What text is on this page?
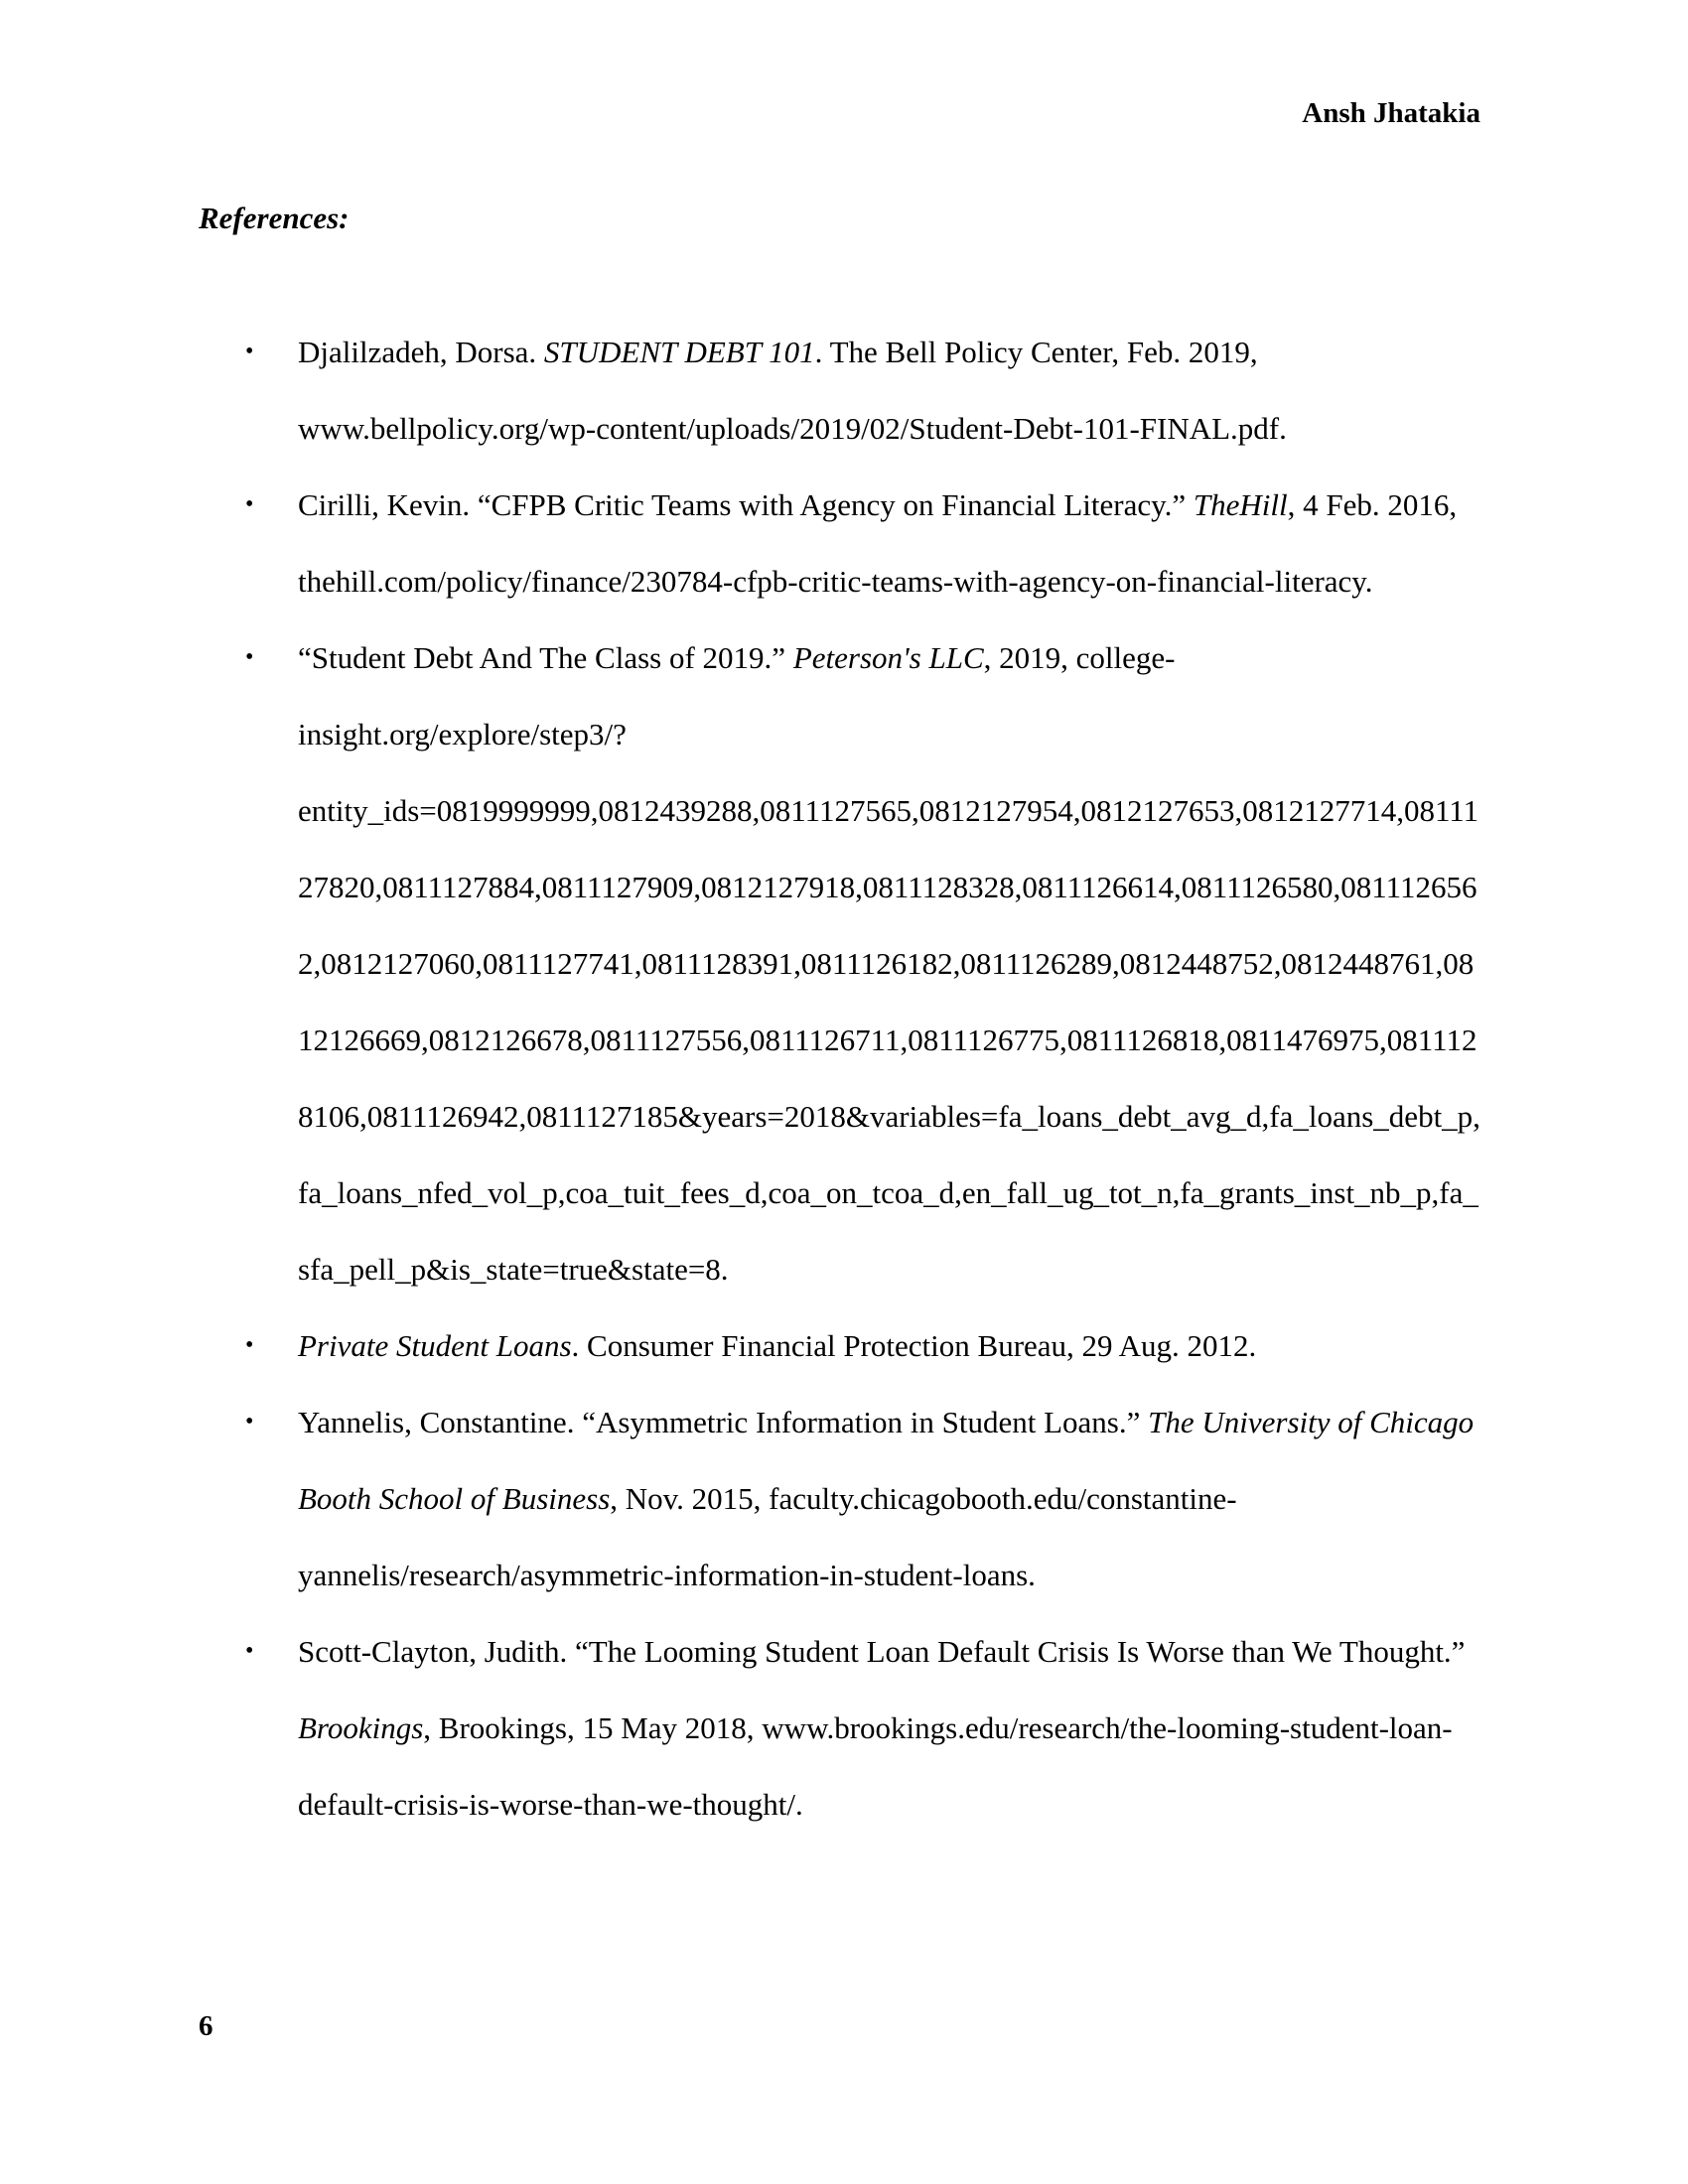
Ansh Jhatakia
References:
• Djalilzadeh, Dorsa. STUDENT DEBT 101. The Bell Policy Center, Feb. 2019, www.bellpolicy.org/wp-content/uploads/2019/02/Student-Debt-101-FINAL.pdf.
• Cirilli, Kevin. “CFPB Critic Teams with Agency on Financial Literacy.” TheHill, 4 Feb. 2016, thehill.com/policy/finance/230784-cfpb-critic-teams-with-agency-on-financial-literacy.
• “Student Debt And The Class of 2019.” Peterson's LLC, 2019, college-insight.org/explore/step3/?entity_ids=0819999999,0812439288,0811127565,0812127954,0812127653,0812127714,0811127820,0811127884,0811127909,0812127918,0811128328,0811126614,0811126580,0811126562,0812127060,0811127741,0811128391,0811126182,0811126289,0812448752,0812448761,0812126669,0812126678,0811127556,0811126711,0811126775,0811126818,0811476975,0811128106,0811126942,0811127185&years=2018&variables=fa_loans_debt_avg_d,fa_loans_debt_p,fa_loans_nfed_vol_p,coa_tuit_fees_d,coa_on_tcoa_d,en_fall_ug_tot_n,fa_grants_inst_nb_p,fa_sfa_pell_p&is_state=true&state=8.
• Private Student Loans. Consumer Financial Protection Bureau, 29 Aug. 2012.
• Yannelis, Constantine. “Asymmetric Information in Student Loans.” The University of Chicago Booth School of Business, Nov. 2015, faculty.chicagobooth.edu/constantine-yannelis/research/asymmetric-information-in-student-loans.
• Scott-Clayton, Judith. “The Looming Student Loan Default Crisis Is Worse than We Thought.” Brookings, Brookings, 15 May 2018, www.brookings.edu/research/the-looming-student-loan-default-crisis-is-worse-than-we-thought/.
6
